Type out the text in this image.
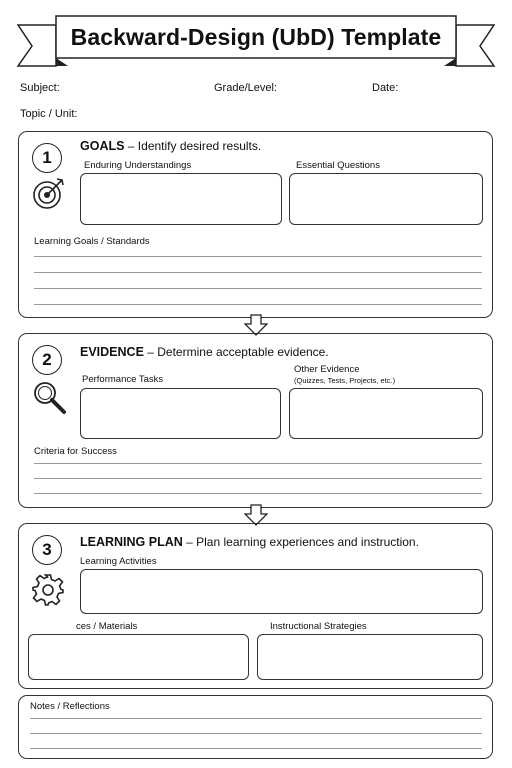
Backward-Design (UbD) Template
Subject:	Grade/Level:	Date:
Topic / Unit:
1
GOALS – Identify desired results.
Enduring Understandings	Essential Questions
Learning Goals / Standards
2	EVIDENCE – Determine acceptable evidence.
Performance Tasks
Other Evidence
(Quizzes, Tests, Projects, etc.)
Criteria for Success
3	LEARNING PLAN – Plan learning experiences and instruction.
Learning Activities
ces / Materials	Instructional Strategies
Notes / Reflections
